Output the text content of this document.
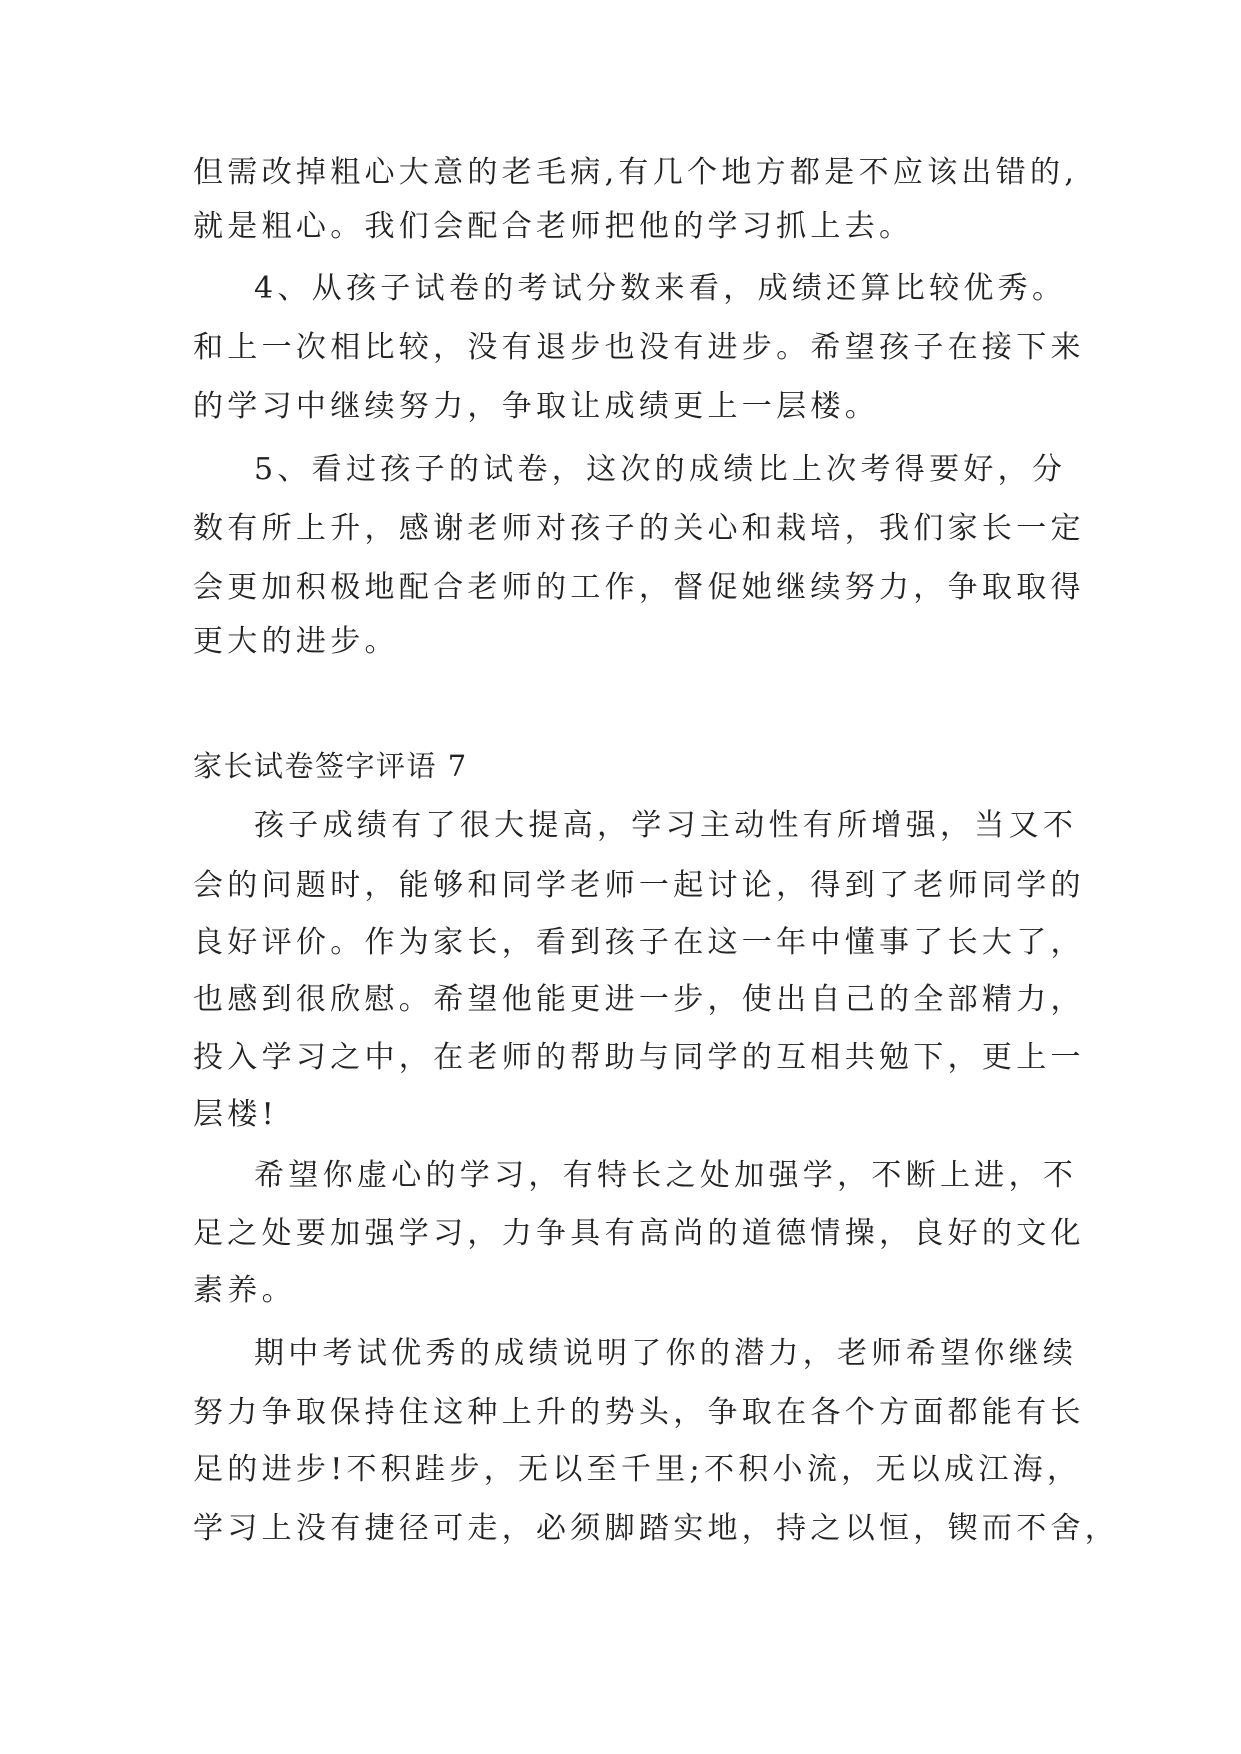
但需改掉粗心大意的老毛病,有几个地方都是不应该出错的,

就是粗心。我们会配合老师把他的学习抓上去。

4、从孩子试卷的考试分数来看，成绩还算比较优秀。

和上一次相比较，没有退步也没有进步。希望孩子在接下来

的学习中继续努力，争取让成绩更上一层楼。

5、看过孩子的试卷，这次的成绩比上次考得要好，分

数有所上升，感谢老师对孩子的关心和栽培，我们家长一定

会更加积极地配合老师的工作，督促她继续努力，争取取得

更大的进步。

家长试卷签字评语 7

孩子成绩有了很大提高，学习主动性有所增强，当又不

会的问题时，能够和同学老师一起讨论，得到了老师同学的

良好评价。作为家长，看到孩子在这一年中懂事了长大了，

也感到很欣慰。希望他能更进一步，使出自己的全部精力，

投入学习之中，在老师的帮助与同学的互相共勉下，更上一

层楼!

希望你虚心的学习，有特长之处加强学，不断上进，不

足之处要加强学习，力争具有高尚的道德情操，良好的文化

素养。

期中考试优秀的成绩说明了你的潜力，老师希望你继续

努力争取保持住这种上升的势头，争取在各个方面都能有长

足的进步!不积跬步，无以至千里;不积小流，无以成江海，

学习上没有捷径可走，必须脚踏实地，持之以恒，锲而不舍，
